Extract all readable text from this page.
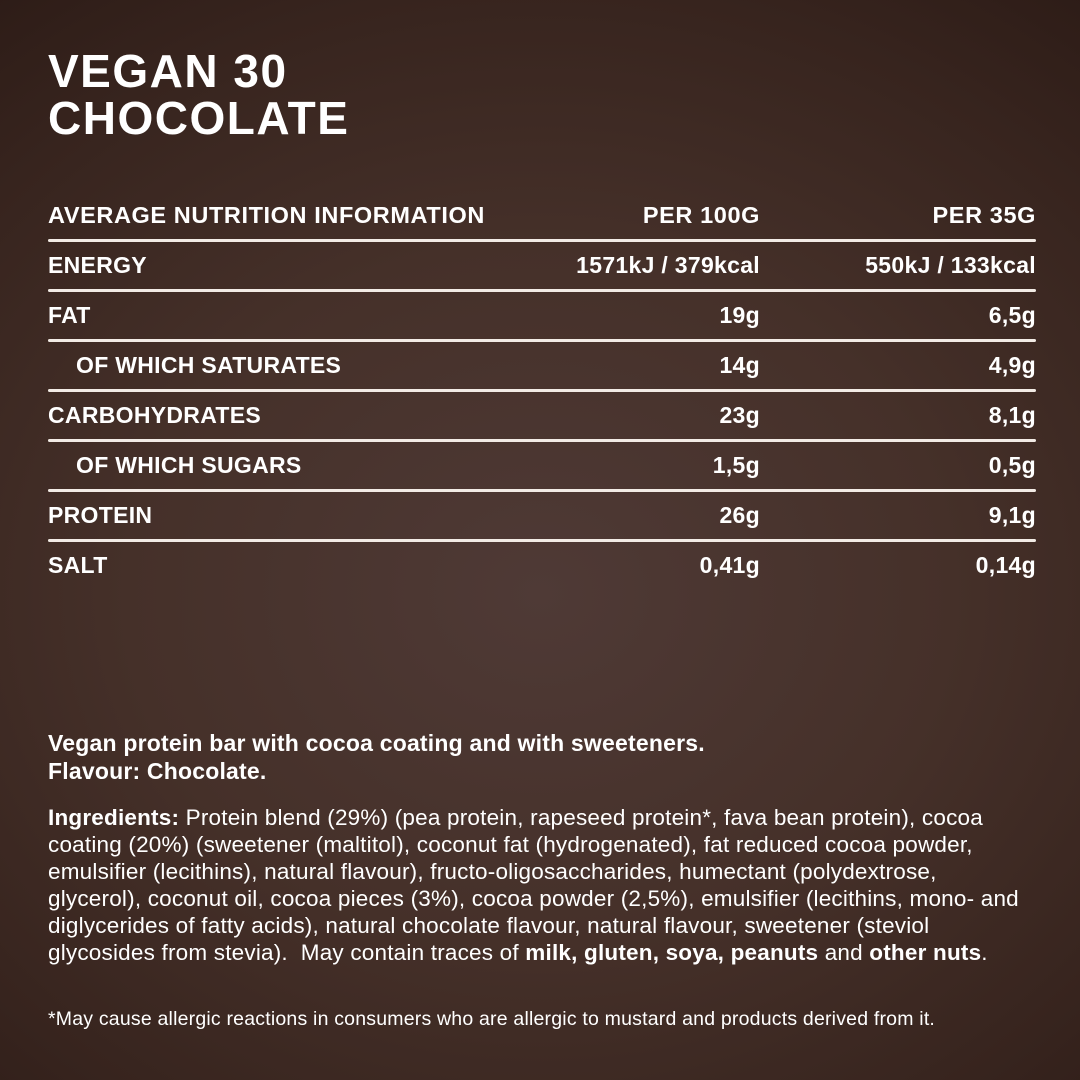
VEGAN 30
CHOCOLATE
AVERAGE NUTRITION INFORMATION	PER 100G	PER 35G
ENERGY	1571kJ / 379kcal	550kJ / 133kcal
FAT	19g	6,5g
OF WHICH SATURATES	14g	4,9g
CARBOHYDRATES	23g	8,1g
OF WHICH SUGARS	1,5g	0,5g
PROTEIN	26g	9,1g
SALT	0,41g	0,14g
Vegan protein bar with cocoa coating and with sweeteners.
Flavour: Chocolate.
Ingredients: Protein blend (29%) (pea protein, rapeseed protein*, fava bean protein), cocoa coating (20%) (sweetener (maltitol), coconut fat (hydrogenated), fat reduced cocoa powder, emulsifier (lecithins), natural flavour), fructo-oligosaccharides, humectant (polydextrose, glycerol), coconut oil, cocoa pieces (3%), cocoa powder (2,5%), emulsifier (lecithins, mono- and diglycerides of fatty acids), natural chocolate flavour, natural flavour, sweetener (steviol glycosides from stevia).  May contain traces of milk, gluten, soya, peanuts and other nuts.
*May cause allergic reactions in consumers who are allergic to mustard and products derived from it.
